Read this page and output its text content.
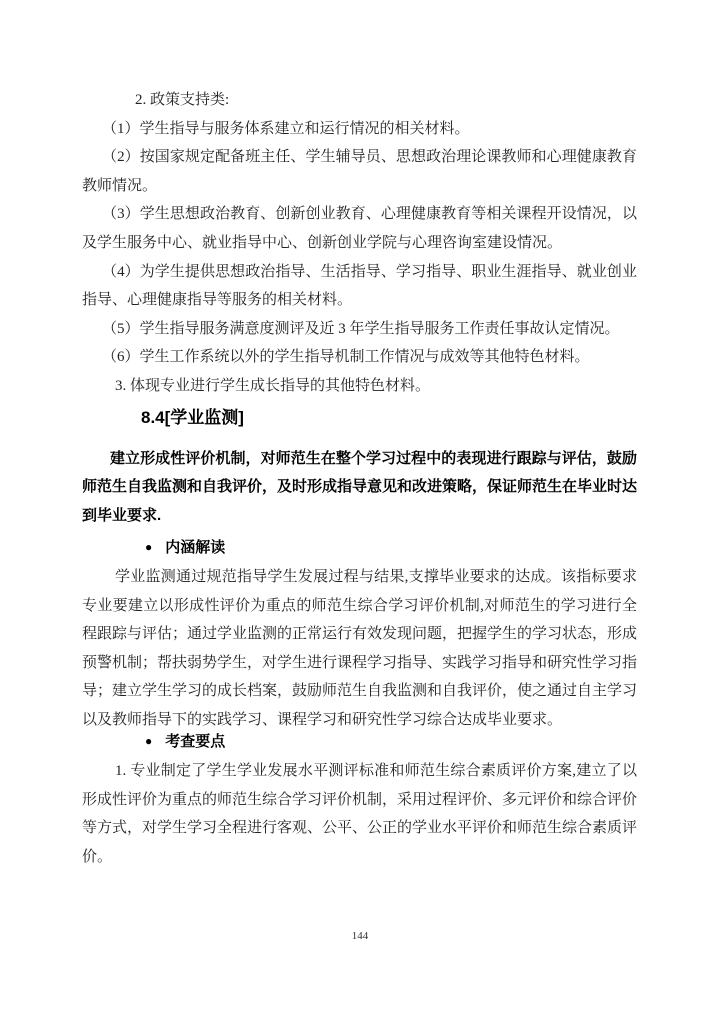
2. 政策支持类:

（1）学生指导与服务体系建立和运行情况的相关材料。

（2）按国家规定配备班主任、学生辅导员、思想政治理论课教师和心理健康教育教师情况。

（3）学生思想政治教育、创新创业教育、心理健康教育等相关课程开设情况，以及学生服务中心、就业指导中心、创新创业学院与心理咨询室建设情况。

（4）为学生提供思想政治指导、生活指导、学习指导、职业生涯指导、就业创业指导、心理健康指导等服务的相关材料。

（5）学生指导服务满意度测评及近 3 年学生指导服务工作责任事故认定情况。

（6）学生工作系统以外的学生指导机制工作情况与成效等其他特色材料。

3. 体现专业进行学生成长指导的其他特色材料。

8.4[学业监测]

建立形成性评价机制，对师范生在整个学习过程中的表现进行跟踪与评估，鼓励师范生自我监测和自我评价，及时形成指导意见和改进策略，保证师范生在毕业时达到毕业要求.

● 内涵解读

学业监测通过规范指导学生发展过程与结果,支撑毕业要求的达成。该指标要求专业要建立以形成性评价为重点的师范生综合学习评价机制,对师范生的学习进行全程跟踪与评估；通过学业监测的正常运行有效发现问题，把握学生的学习状态，形成预警机制；帮扶弱势学生，对学生进行课程学习指导、实践学习指导和研究性学习指导；建立学生学习的成长档案，鼓励师范生自我监测和自我评价，使之通过自主学习以及教师指导下的实践学习、课程学习和研究性学习综合达成毕业要求。

● 考查要点

1. 专业制定了学生学业发展水平测评标准和师范生综合素质评价方案,建立了以形成性评价为重点的师范生综合学习评价机制，采用过程评价、多元评价和综合评价等方式，对学生学习全程进行客观、公平、公正的学业水平评价和师范生综合素质评价。

144
